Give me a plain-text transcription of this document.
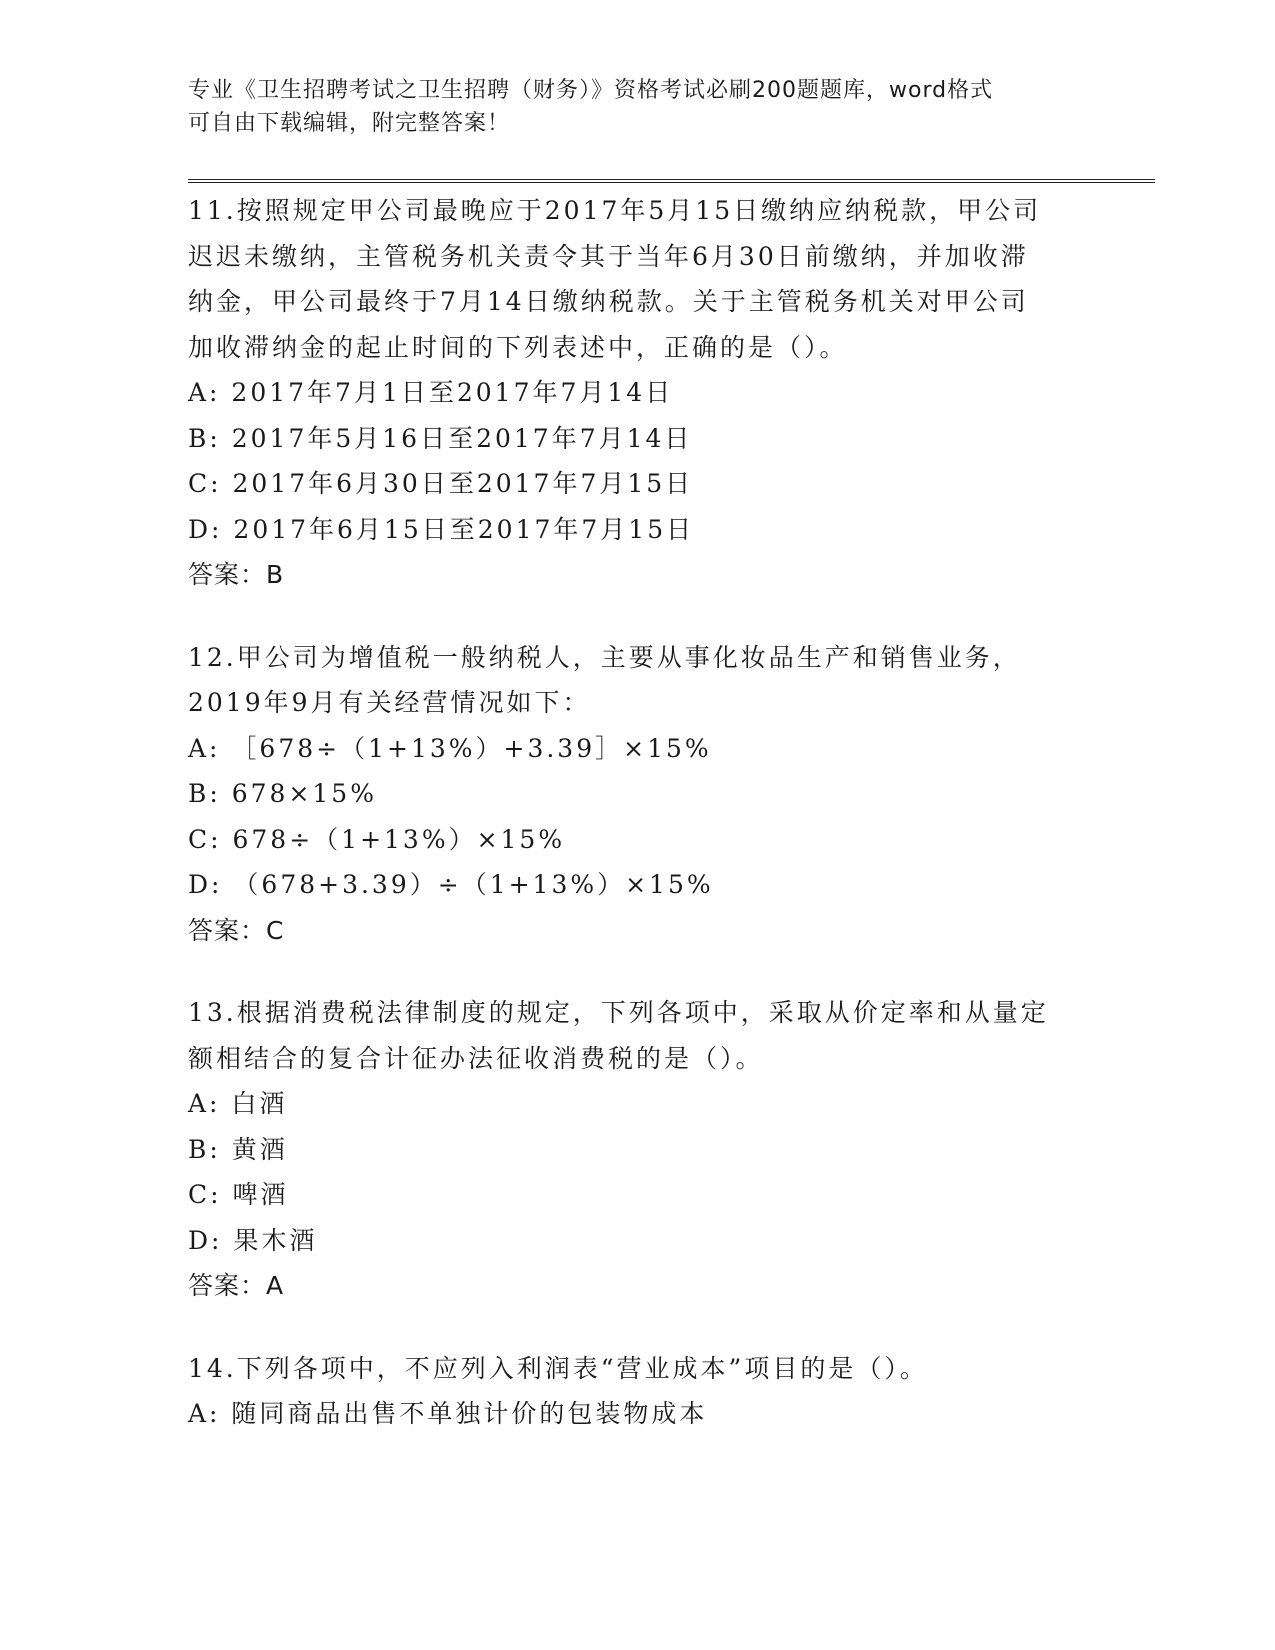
专业《卫生招聘考试之卫生招聘（财务）》资格考试必刷200题题库，word格式
可自由下载编辑，附完整答案！
11.按照规定甲公司最晚应于2017年5月15日缴纳应纳税款，甲公司
迟迟未缴纳，主管税务机关责令其于当年6月30日前缴纳，并加收滞
纳金，甲公司最终于7月14日缴纳税款。关于主管税务机关对甲公司
加收滞纳金的起止时间的下列表述中，正确的是（）。
A: 2017年7月1日至2017年7月14日
B: 2017年5月16日至2017年7月14日
C: 2017年6月30日至2017年7月15日
D: 2017年6月15日至2017年7月15日
答案：B
12.甲公司为增值税一般纳税人，主要从事化妆品生产和销售业务，
2019年9月有关经营情况如下：
A: ［678÷（1+13%）+3.39］×15%
B: 678×15%
C: 678÷（1+13%）×15%
D: （678+3.39）÷（1+13%）×15%
答案：C
13.根据消费税法律制度的规定，下列各项中，采取从价定率和从量定
额相结合的复合计征办法征收消费税的是（）。
A: 白酒
B: 黄酒
C: 啤酒
D: 果木酒
答案：A
14.下列各项中，不应列入利润表“营业成本”项目的是（）。
A: 随同商品出售不单独计价的包装物成本
